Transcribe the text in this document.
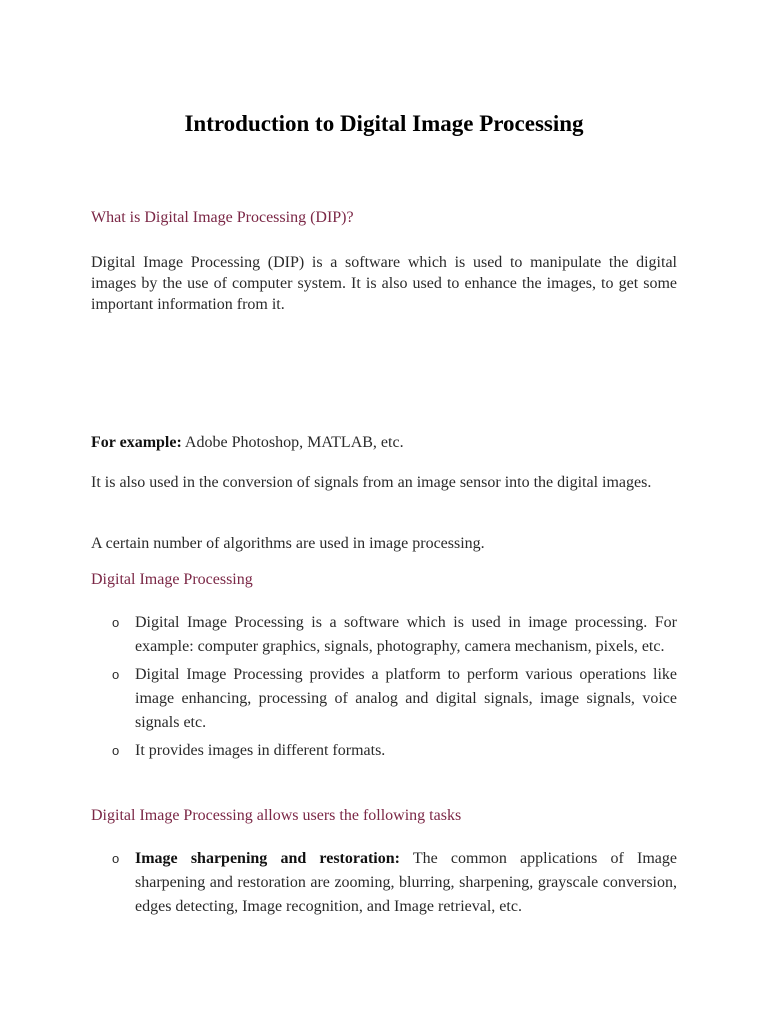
Introduction to Digital Image Processing

What is Digital Image Processing (DIP)?

Digital Image Processing (DIP) is a software which is used to manipulate the digital images by the use of computer system. It is also used to enhance the images, to get some important information from it.

For example: Adobe Photoshop, MATLAB, etc.

It is also used in the conversion of signals from an image sensor into the digital images.

A certain number of algorithms are used in image processing.

Digital Image Processing

o Digital Image Processing is a software which is used in image processing. For example: computer graphics, signals, photography, camera mechanism, pixels, etc.
o Digital Image Processing provides a platform to perform various operations like image enhancing, processing of analog and digital signals, image signals, voice signals etc.
o It provides images in different formats.

Digital Image Processing allows users the following tasks

o Image sharpening and restoration: The common applications of Image sharpening and restoration are zooming, blurring, sharpening, grayscale conversion, edges detecting, Image recognition, and Image retrieval, etc.
